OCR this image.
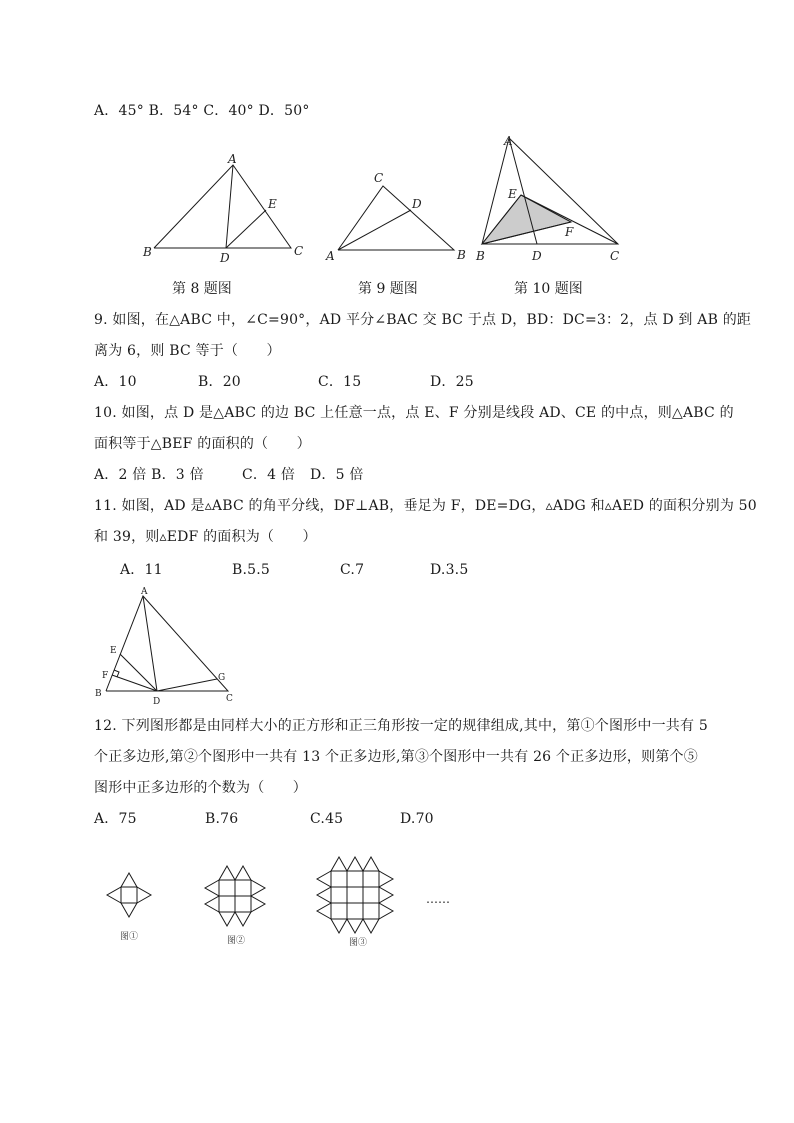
A．45° B．54° C．40° D．50°
A
B	C
D
E
第 8 题图
C
A	B
D
第 9 题图
A
E
F
B	D	C
第 10 题图
9. 如图，在△ABC 中，∠C=90°，AD 平分∠BAC 交 BC 于点 D，BD：DC=3：2，点 D 到 AB 的距
离为 6，则 BC 等于（　　）
A．10	B．20	C．15	D．25
10. 如图，点 D 是△ABC 的边 BC 上任意一点，点 E、F 分别是线段 AD、CE 的中点，则△ABC 的
面积等于△BEF 的面积的（　　）
A．2 倍 B．3 倍	C．4 倍 D．5 倍
11. 如图，AD 是▵ABC 的角平分线，DF⊥AB，垂足为 F，DE=DG，▵ADG 和▵AED 的面积分别为 50
和 39，则▵EDF 的面积为（　　）
A．11	B.5.5	C.7	D.3.5
A
E
F
B
D
G
C
12. 下列图形都是由同样大小的正方形和正三角形按一定的规律组成,其中，第①个图形中一共有 5
个正多边形,第②个图形中一共有 13 个正多边形,第③个图形中一共有 26 个正多边形，则第个⑤
图形中正多边形的个数为（　　）
A．75	B.76	C.45	D.70
图①	图②	图③
……
